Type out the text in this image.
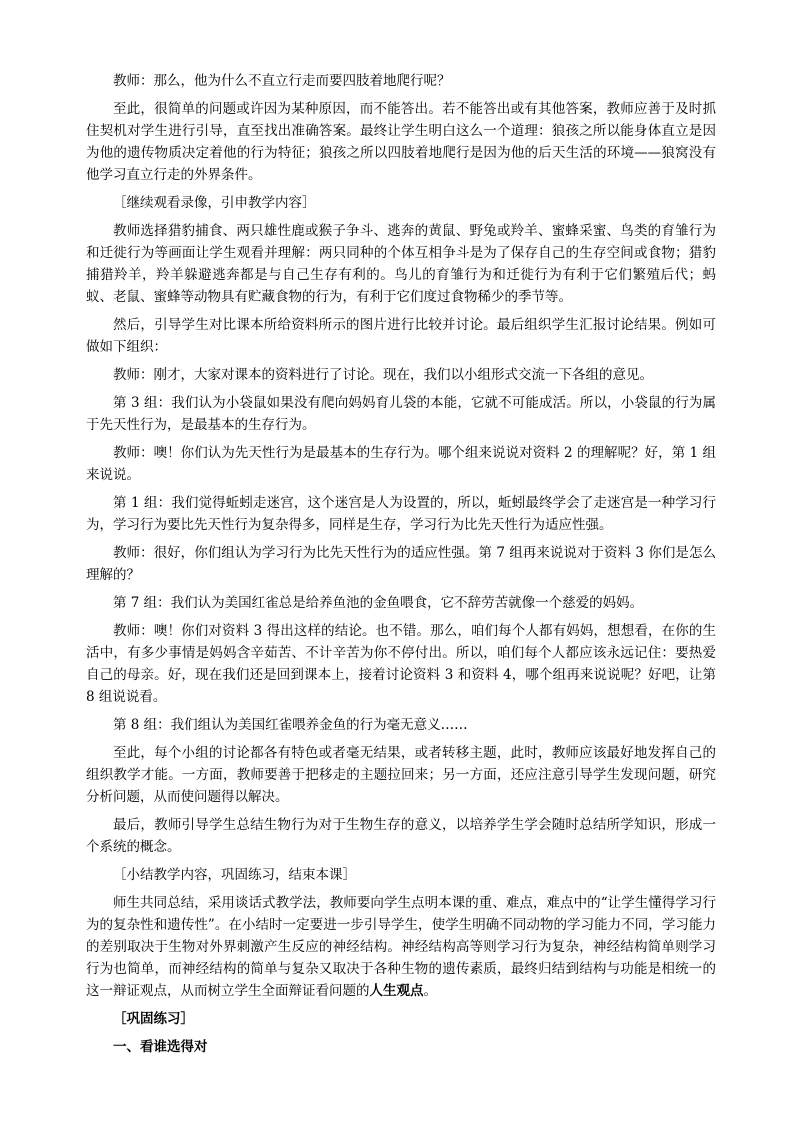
教师：那么，他为什么不直立行走而要四肢着地爬行呢？

至此，很简单的问题或许因为某种原因，而不能答出。若不能答出或有其他答案，教师应善于及时抓住契机对学生进行引导，直至找出准确答案。最终让学生明白这么一个道理：狼孩之所以能身体直立是因为他的遗传物质决定着他的行为特征；狼孩之所以四肢着地爬行是因为他的后天生活的环境——狼窝没有他学习直立行走的外界条件。

［继续观看录像，引申教学内容］

教师选择猎豹捕食、两只雄性鹿或猴子争斗、逃奔的黄鼠、野兔或羚羊、蜜蜂采蜜、鸟类的育雏行为和迁徙行为等画面让学生观看并理解：两只同种的个体互相争斗是为了保存自己的生存空间或食物；猎豹捕猎羚羊，羚羊躲避逃奔都是与自己生存有利的。鸟儿的育雏行为和迁徙行为有利于它们繁殖后代；蚂蚁、老鼠、蜜蜂等动物具有贮藏食物的行为，有利于它们度过食物稀少的季节等。

然后，引导学生对比课本所给资料所示的图片进行比较并讨论。最后组织学生汇报讨论结果。例如可做如下组织：

教师：刚才，大家对课本的资料进行了讨论。现在，我们以小组形式交流一下各组的意见。

第 3 组：我们认为小袋鼠如果没有爬向妈妈育儿袋的本能，它就不可能成活。所以，小袋鼠的行为属于先天性行为，是最基本的生存行为。

教师：噢！你们认为先天性行为是最基本的生存行为。哪个组来说说对资料 2 的理解呢？好，第 1 组来说说。

第 1 组：我们觉得蚯蚓走迷宫，这个迷宫是人为设置的，所以，蚯蚓最终学会了走迷宫是一种学习行为，学习行为要比先天性行为复杂得多，同样是生存，学习行为比先天性行为适应性强。

教师：很好，你们组认为学习行为比先天性行为的适应性强。第 7 组再来说说对于资料 3 你们是怎么理解的？

第 7 组：我们认为美国红雀总是给养鱼池的金鱼喂食，它不辞劳苦就像一个慈爱的妈妈。

教师：噢！你们对资料 3 得出这样的结论。也不错。那么，咱们每个人都有妈妈，想想看，在你的生活中，有多少事情是妈妈含辛茹苦、不计辛苦为你不停付出。所以，咱们每个人都应该永远记住：要热爱自己的母亲。好，现在我们还是回到课本上，接着讨论资料 3 和资料 4，哪个组再来说说呢？好吧，让第 8 组说说看。

第 8 组：我们组认为美国红雀喂养金鱼的行为毫无意义……

至此，每个小组的讨论都各有特色或者毫无结果，或者转移主题，此时，教师应该最好地发挥自己的组织教学才能。一方面，教师要善于把移走的主题拉回来；另一方面，还应注意引导学生发现问题，研究分析问题，从而使问题得以解决。

最后，教师引导学生总结生物行为对于生物生存的意义，以培养学生学会随时总结所学知识，形成一个系统的概念。

［小结教学内容，巩固练习，结束本课］

师生共同总结，采用谈话式教学法，教师要向学生点明本课的重、难点，难点中的“让学生懂得学习行为的复杂性和遗传性”。在小结时一定要进一步引导学生，使学生明确不同动物的学习能力不同，学习能力的差别取决于生物对外界刺激产生反应的神经结构。神经结构高等则学习行为复杂，神经结构简单则学习行为也简单，而神经结构的简单与复杂又取决于各种生物的遗传素质，最终归结到结构与功能是相统一的这一辩证观点，从而树立学生全面辩证看问题的人生观点。

［巩固练习］

一、看谁选得对
